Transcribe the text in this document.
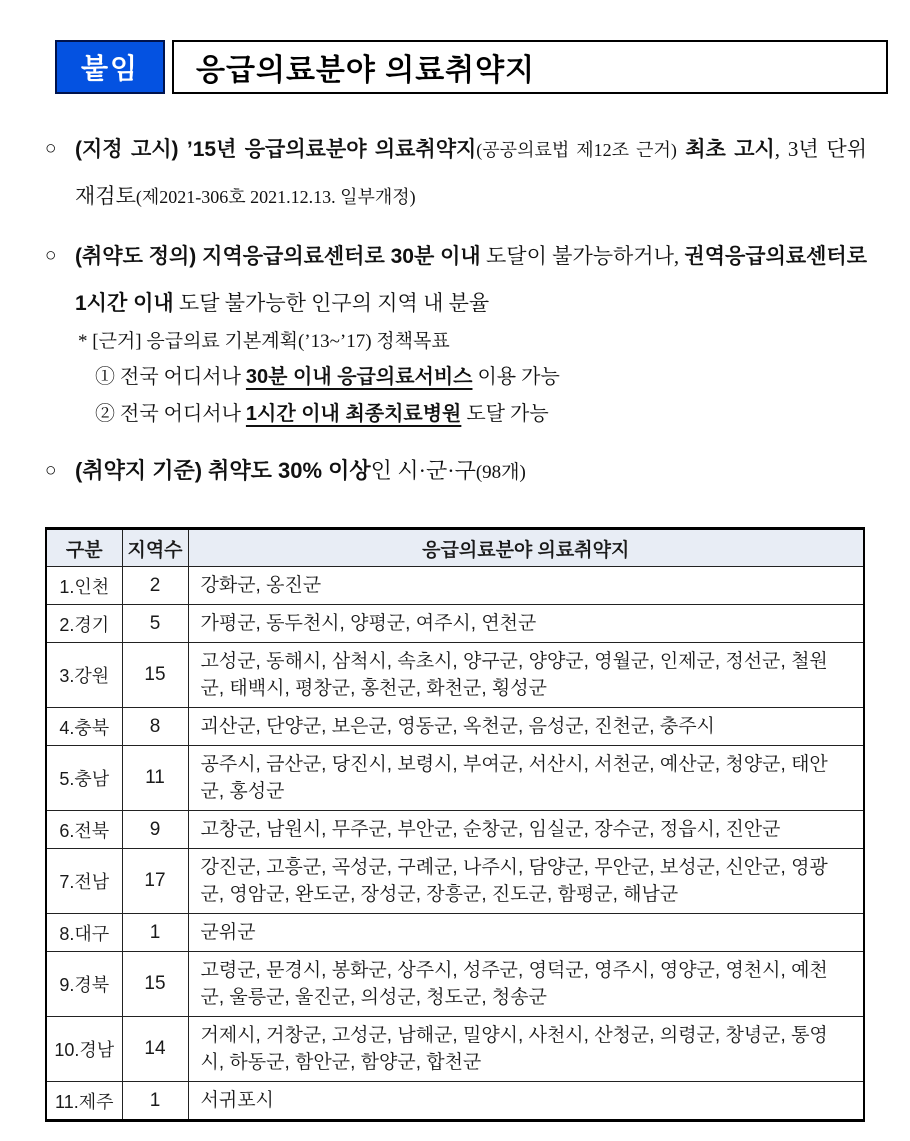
붙임 응급의료분야 의료취약지
○ (지정 고시) ’15년 응급의료분야 의료취약지(공공의료법 제12조 근거) 최초 고시, 3년 단위 재검토(제2021-306호 2021.12.13. 일부개정)
○ (취약도 정의) 지역응급의료센터로 30분 이내 도달이 불가능하거나, 권역응급의료센터로 1시간 이내 도달 불가능한 인구의 지역 내 분율
* [근거] 응급의료 기본계획(’13~’17) 정책목표
① 전국 어디서나 30분 이내 응급의료서비스 이용 가능
② 전국 어디서나 1시간 이내 최종치료병원 도달 가능
○ (취약지 기준) 취약도 30% 이상인 시·군·구(98개)
구분	지역수	응급의료분야 의료취약지
1.인천	2	강화군, 옹진군
2.경기	5	가평군, 동두천시, 양평군, 여주시, 연천군
3.강원	15	고성군, 동해시, 삼척시, 속초시, 양구군, 양양군, 영월군, 인제군, 정선군, 철원군, 태백시, 평창군, 홍천군, 화천군, 횡성군
4.충북	8	괴산군, 단양군, 보은군, 영동군, 옥천군, 음성군, 진천군, 충주시
5.충남	11	공주시, 금산군, 당진시, 보령시, 부여군, 서산시, 서천군, 예산군, 청양군, 태안군, 홍성군
6.전북	9	고창군, 남원시, 무주군, 부안군, 순창군, 임실군, 장수군, 정읍시, 진안군
7.전남	17	강진군, 고흥군, 곡성군, 구례군, 나주시, 담양군, 무안군, 보성군, 신안군, 영광군, 영암군, 완도군, 장성군, 장흥군, 진도군, 함평군, 해남군
8.대구	1	군위군
9.경북	15	고령군, 문경시, 봉화군, 상주시, 성주군, 영덕군, 영주시, 영양군, 영천시, 예천군, 울릉군, 울진군, 의성군, 청도군, 청송군
10.경남	14	거제시, 거창군, 고성군, 남해군, 밀양시, 사천시, 산청군, 의령군, 창녕군, 통영시, 하동군, 함안군, 함양군, 합천군
11.제주	1	서귀포시
